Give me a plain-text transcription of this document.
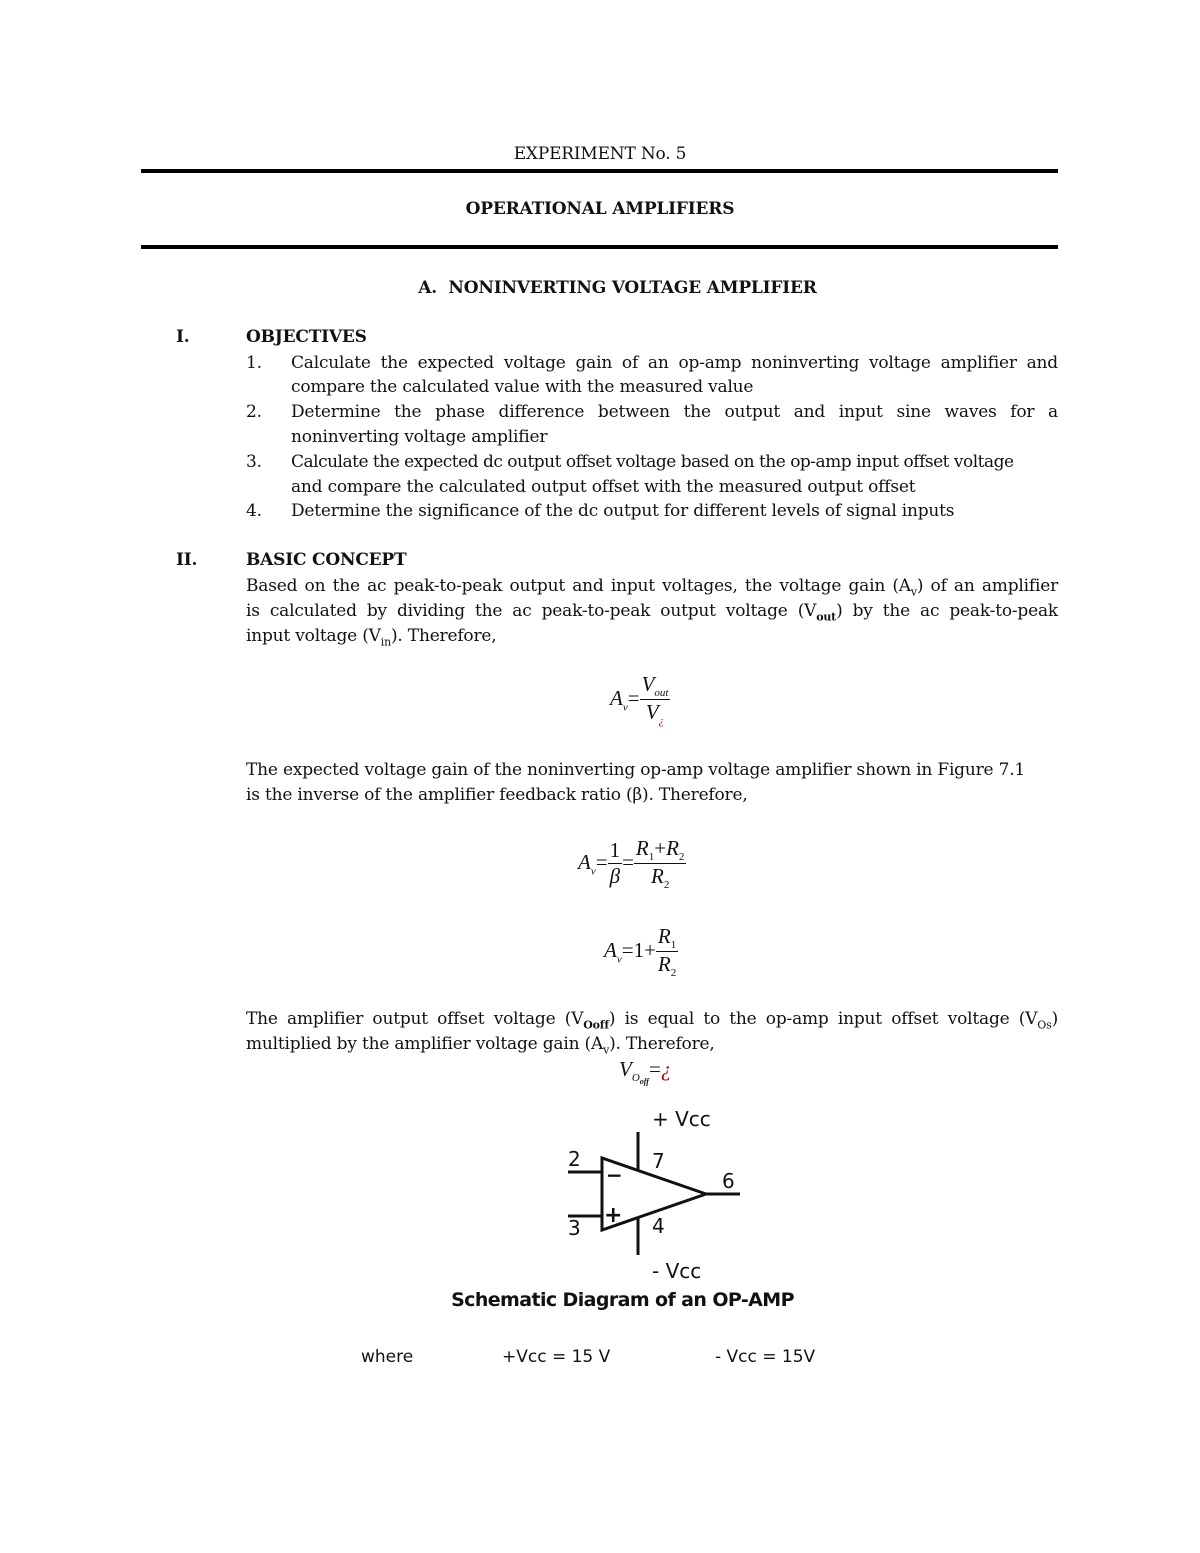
EXPERIMENT No. 5
OPERATIONAL AMPLIFIERS
A.  NONINVERTING VOLTAGE AMPLIFIER
I.	OBJECTIVES
1. Calculate the expected voltage gain of an op-amp noninverting voltage amplifier and
compare the calculated value with the measured value
2. Determine the phase difference between the output and input sine waves for a
noninverting voltage amplifier
3. Calculate the expected dc output offset voltage based on the op-amp input offset voltage
and compare the calculated output offset with the measured output offset
4. Determine the significance of the dc output for different levels of signal inputs
II.	BASIC CONCEPT
Based on the ac peak-to-peak output and input voltages, the voltage gain $(A_v)$ of an amplifier
is calculated by dividing the ac peak-to-peak output voltage $(V_{out})$ by the ac peak-to-peak
input voltage $(V_{in})$. Therefore,
$A_v= \frac{V_{out}}{V_¿}$
The expected voltage gain of the noninverting op-amp voltage amplifier shown in Figure 7.1
is the inverse of the amplifier feedback ratio (β). Therefore,
$A_v= \frac{1}{\beta} = \frac{R_1+R_2}{R_2}$
$A_v=1+ \frac{R_1}{R_2}$
The amplifier output offset voltage $(V_{Ooff})$ is equal to the op-amp input offset voltage $(V_{Os})$
multiplied by the amplifier voltage gain $(A_v)$. Therefore,
$V_{O_{off}}=¿$
+ Vcc
2	7
6
−
+
3	4
- Vcc
Schematic Diagram of an OP-AMP
where	+Vcc = 15 V	- Vcc = 15V
